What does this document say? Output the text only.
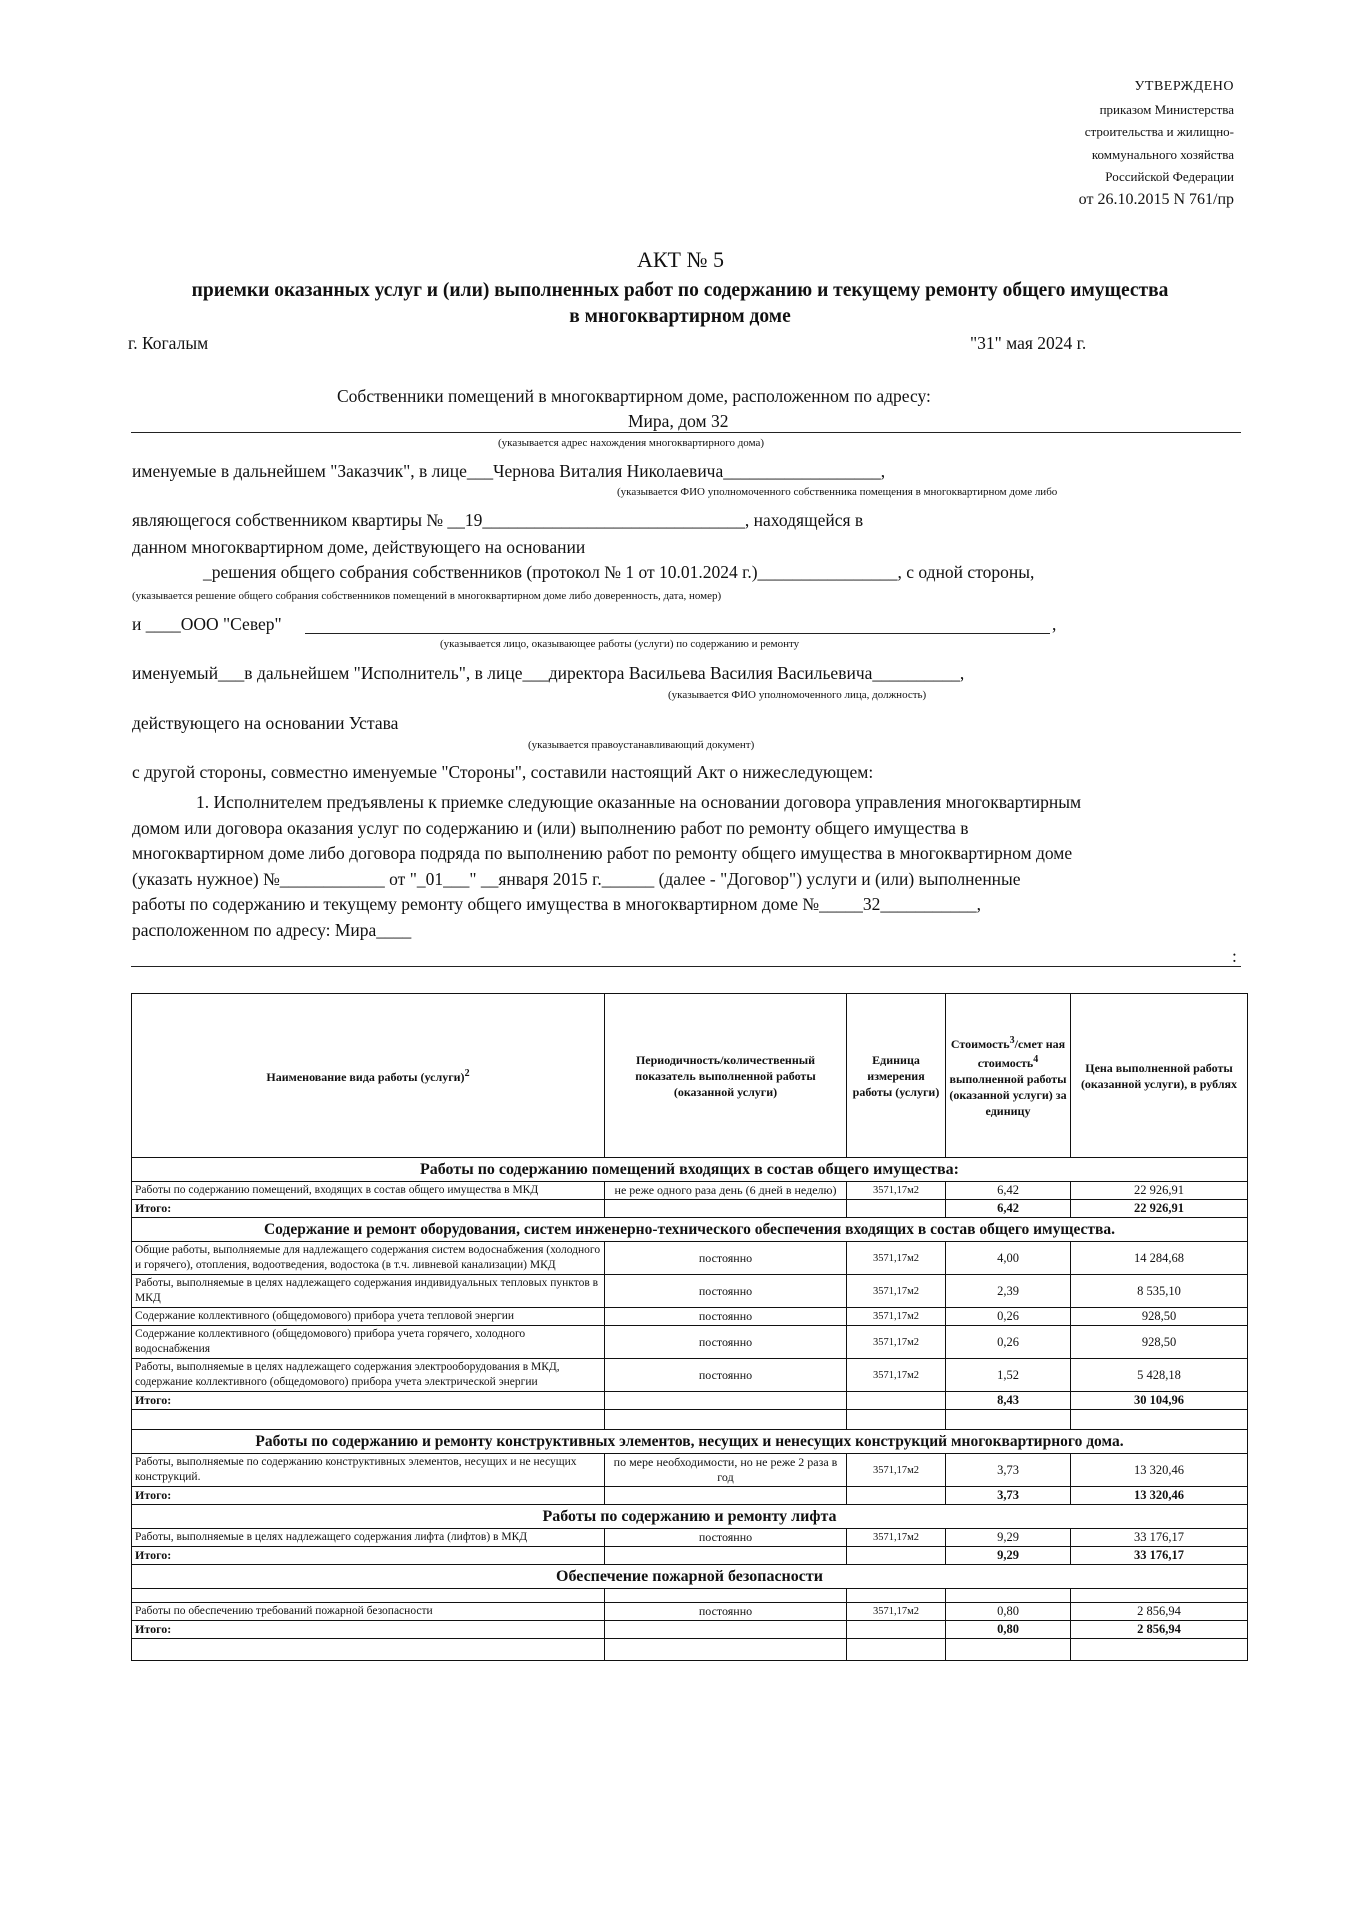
УТВЕРЖДЕНО
приказом Министерства
строительства и жилищно-
коммунального хозяйства
Российской Федерации
от 26.10.2015 N 761/пр
АКТ № 5
приемки оказанных услуг и (или) выполненных работ по содержанию и текущему ремонту общего имущества
в многоквартирном доме
г. Когалым	"31" мая 2024 г.
Собственники помещений в многоквартирном доме, расположенном по адресу:
Мира, дом 32
(указывается адрес нахождения многоквартирного дома)
именуемые в дальнейшем "Заказчик", в лице___Чернова Виталия Николаевича__________________,
(указывается ФИО уполномоченного собственника помещения в многоквартирном доме либо
являющегося собственником квартиры № __19______________________________, находящейся в
данном многоквартирном доме, действующего на основании
_решения общего собрания собственников (протокол № 1 от 10.01.2024 г.)________________, с одной стороны,
(указывается решение общего собрания собственников помещений в многоквартирном доме либо доверенность, дата, номер)
и ____ООО "Север"	,
(указывается лицо, оказывающее работы (услуги) по содержанию и ремонту
именуемый___в дальнейшем "Исполнитель", в лице___директора Васильева Василия Васильевича__________,
(указывается ФИО уполномоченного лица, должность)
действующего на основании Устава
(указывается правоустанавливающий документ)
с другой стороны, совместно именуемые "Стороны", составили настоящий Акт о нижеследующем:
1. Исполнителем предъявлены к приемке следующие оказанные на основании договора управления многоквартирным
домом или договора оказания услуг по содержанию и (или) выполнению работ по ремонту общего имущества в
многоквартирном доме либо договора подряда по выполнению работ по ремонту общего имущества в многоквартирном доме
(указать нужное) №____________ от "_01___" __января 2015 г.______ (далее - "Договор") услуги и (или) выполненные
работы по содержанию и текущему ремонту общего имущества в многоквартирном доме №_____32___________,
расположенном по адресу: Мира____
:
Наименование вида работы (услуги)$^2$	Периодичность/количественный показатель выполненной работы (оказанной услуги)	Единица измерения работы (услуги)	Стоимость$^3$/смет ная стоимость$^4$ выполненной работы (оказанной услуги) за единицу	Цена выполненной работы (оказанной услуги), в рублях
Работы по содержанию помещений входящих в состав общего имущества:				
Работы по содержанию помещений, входящих в состав общего имущества в МКД	не реже одного раза день (6 дней в неделю)	3571,17м2	6,42	22 926,91
Итого:			6,42	22 926,91
Содержание и ремонт оборудования, систем инженерно-технического обеспечения входящих в состав общего имущества.				
Общие работы, выполняемые для надлежащего содержания систем водоснабжения (холодного и горячего), отопления, водоотведения, водостока (в т.ч. ливневой канализации) МКД	постоянно	3571,17м2	4,00	14 284,68
Работы, выполняемые в целях надлежащего содержания индивидуальных тепловых пунктов в МКД	постоянно	3571,17м2	2,39	8 535,10
Содержание коллективного (общедомового) прибора учета тепловой энергии	постоянно	3571,17м2	0,26	928,50
Содержание коллективного (общедомового) прибора учета горячего, холодного водоснабжения	постоянно	3571,17м2	0,26	928,50
Работы, выполняемые в целях надлежащего содержания электрооборудования в МКД, содержание коллективного (общедомового) прибора учета электрической энергии	постоянно	3571,17м2	1,52	5 428,18
Итого:			8,43	30 104,96

Работы по содержанию и ремонту конструктивных элементов, несущих и ненесущих конструкций многоквартирного дома.				
Работы, выполняемые по содержанию конструктивных элементов, несущих и не несущих конструкций.	по мере необходимости, но не реже 2 раза в год	3571,17м2	3,73	13 320,46
Итого:			3,73	13 320,46
Работы по содержанию и ремонту лифта				
Работы, выполняемые в целях надлежащего содержания лифта (лифтов) в МКД	постоянно	3571,17м2	9,29	33 176,17
Итого:			9,29	33 176,17
Обеспечение пожарной безопасности				

Работы по обеспечению требований пожарной безопасности	постоянно	3571,17м2	0,80	2 856,94
Итого:			0,80	2 856,94
